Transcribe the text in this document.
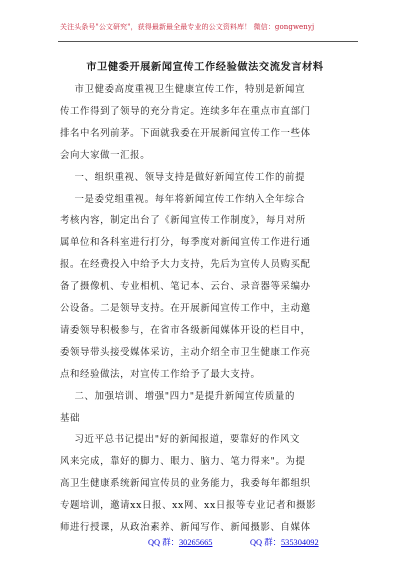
关注头条号"公文研究"，获得最新最全最专业的公文资料库！ 微信：gongwenyj
市卫健委开展新闻宣传工作经验做法交流发言材料
市卫健委高度重视卫生健康宣传工作，特别是新闻宣
传工作得到了领导的充分肯定。连续多年在重点市直部门
排名中名列前茅。下面就我委在开展新闻宣传工作一些体
会向大家做一汇报。
一、组织重视、领导支持是做好新闻宣传工作的前提
一是委党组重视。每年将新闻宣传工作纳入全年综合
考核内容，制定出台了《新闻宣传工作制度》，每月对所
属单位和各科室进行打分，每季度对新闻宣传工作进行通
报。在经费投入中给予大力支持，先后为宣传人员购买配
备了摄像机、专业相机、笔记本、云台、录音器等采编办
公设备。二是领导支持。在开展新闻宣传工作中，主动邀
请委领导积极参与，在省市各级新闻媒体开设的栏目中，
委领导带头接受媒体采访，主动介绍全市卫生健康工作亮
点和经验做法，对宣传工作给予了最大支持。
二、加强培训、增强"四力"是提升新闻宣传质量的
基础
习近平总书记提出"好的新闻报道，要靠好的作风文
风来完成，靠好的脚力、眼力、脑力、笔力得来"。为提
高卫生健康系统新闻宣传员的业务能力，我委每年都组织
专题培训，邀请xx日报、xx网、xx日报等专业记者和摄影
师进行授课，从政治素养、新闻写作、新闻摄影、自媒体
QQ 群：30265665	QQ 群：535304092
